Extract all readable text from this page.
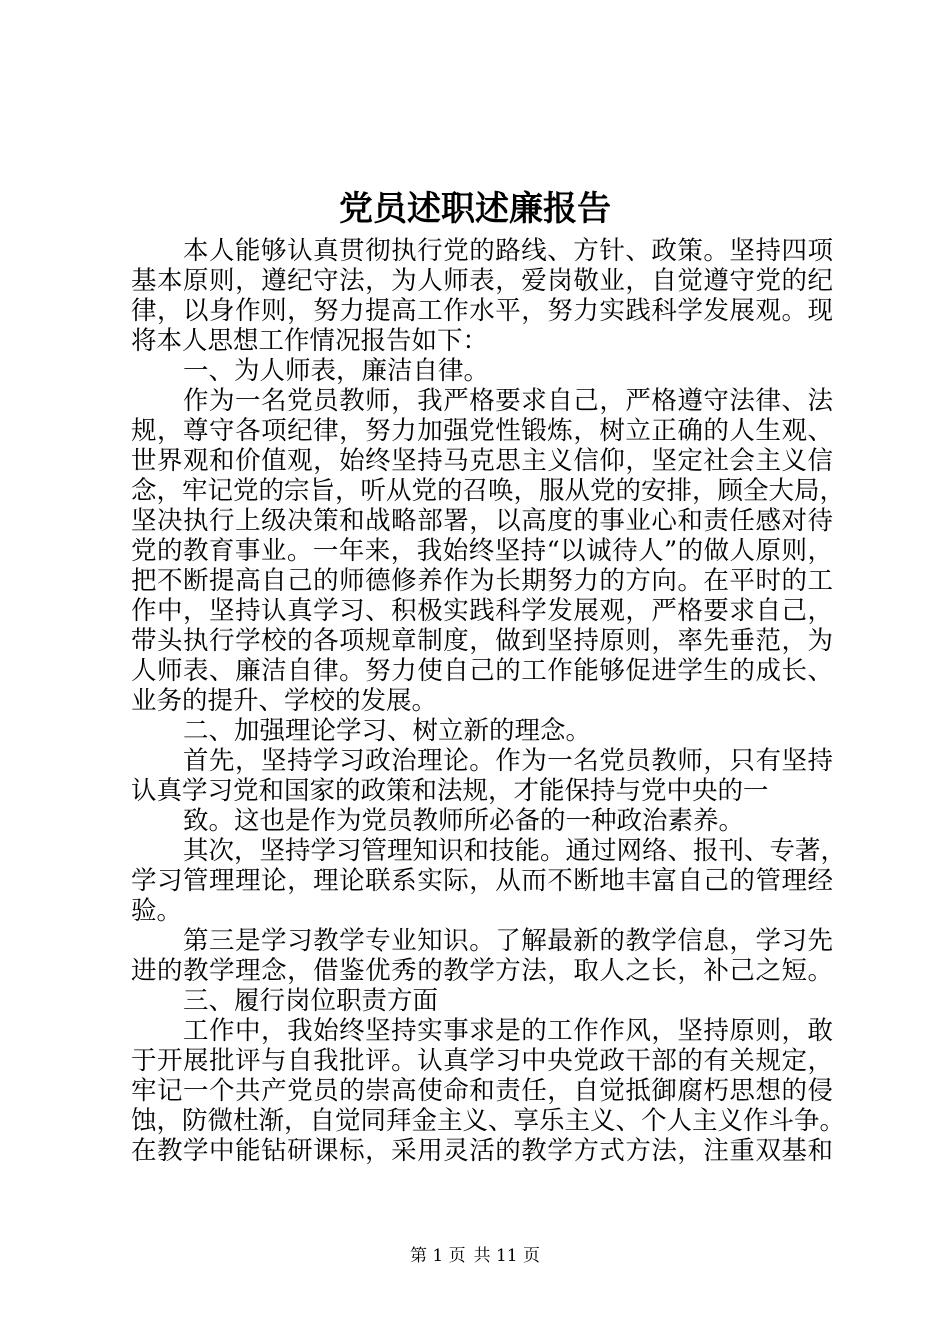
党员述职述廉报告

本人能够认真贯彻执行党的路线、方针、政策。坚持四项

基本原则，遵纪守法，为人师表，爱岗敬业，自觉遵守党的纪

律，以身作则，努力提高工作水平，努力实践科学发展观。现

将本人思想工作情况报告如下：

一、为人师表，廉洁自律。

作为一名党员教师，我严格要求自己，严格遵守法律、法

规，尊守各项纪律，努力加强党性锻炼，树立正确的人生观、

世界观和价值观，始终坚持马克思主义信仰，坚定社会主义信

念，牢记党的宗旨，听从党的召唤，服从党的安排，顾全大局，

坚决执行上级决策和战略部署，以高度的事业心和责任感对待

党的教育事业。一年来，我始终坚持“以诚待人”的做人原则，

把不断提高自己的师德修养作为长期努力的方向。在平时的工

作中，坚持认真学习、积极实践科学发展观，严格要求自己，

带头执行学校的各项规章制度，做到坚持原则，率先垂范，为

人师表、廉洁自律。努力使自己的工作能够促进学生的成长、

业务的提升、学校的发展。

二、加强理论学习、树立新的理念。

首先，坚持学习政治理论。作为一名党员教师，只有坚持

认真学习党和国家的政策和法规，才能保持与党中央的一

致。这也是作为党员教师所必备的一种政治素养。

其次，坚持学习管理知识和技能。通过网络、报刊、专著，

学习管理理论，理论联系实际，从而不断地丰富自己的管理经

验。

第三是学习教学专业知识。了解最新的教学信息，学习先

进的教学理念，借鉴优秀的教学方法，取人之长，补己之短。

三、履行岗位职责方面

工作中，我始终坚持实事求是的工作作风，坚持原则，敢

于开展批评与自我批评。认真学习中央党政干部的有关规定，

牢记一个共产党员的崇高使命和责任，自觉抵御腐朽思想的侵

蚀，防微杜渐，自觉同拜金主义、享乐主义、个人主义作斗争。

在教学中能钻研课标，采用灵活的教学方式方法，注重双基和

第 1 页 共 11 页
